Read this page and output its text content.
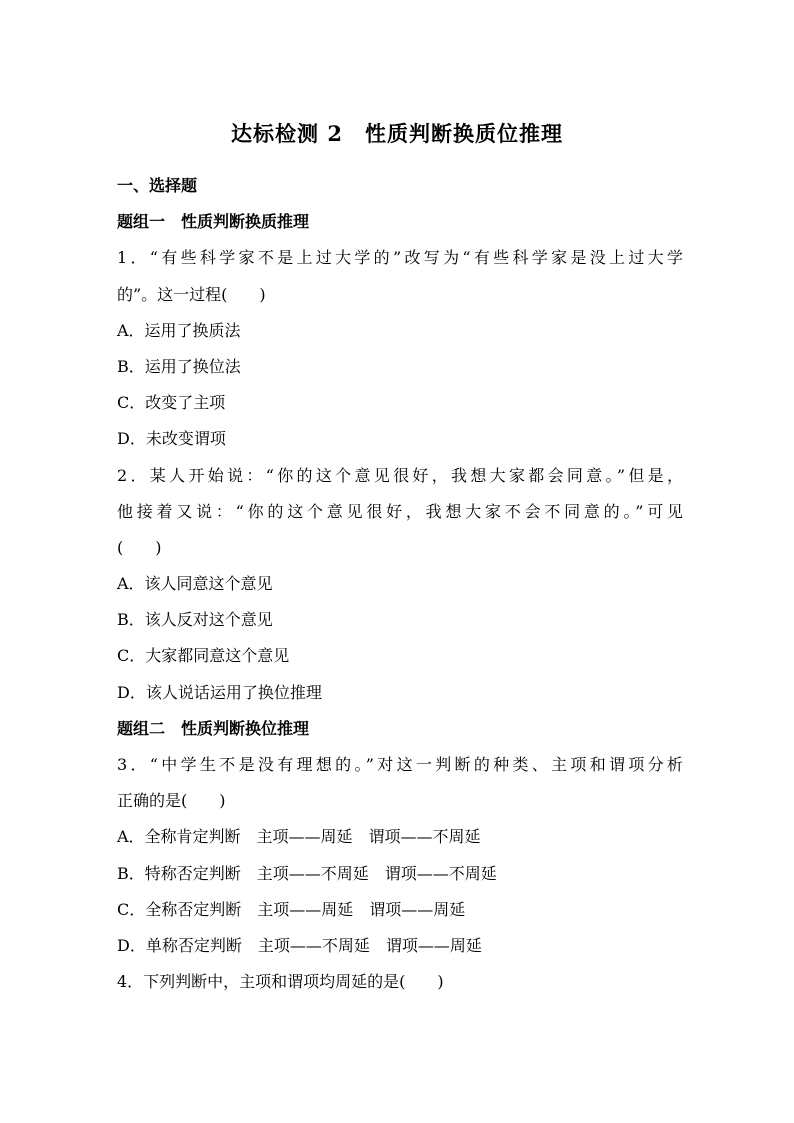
达标检测 2　性质判断换质位推理
一、选择题
题组一　性质判断换质推理
1．“有些科学家不是上过大学的”改写为“有些科学家是没上过大学
的”。这一过程(　　)
A．运用了换质法
B．运用了换位法
C．改变了主项
D．未改变谓项
2．某人开始说：“你的这个意见很好，我想大家都会同意。”但是，
他接着又说：“你的这个意见很好，我想大家不会不同意的。”可见
(　　)
A．该人同意这个意见
B．该人反对这个意见
C．大家都同意这个意见
D．该人说话运用了换位推理
题组二　性质判断换位推理
3．“中学生不是没有理想的。”对这一判断的种类、主项和谓项分析
正确的是(　　)
A．全称肯定判断　主项——周延　谓项——不周延
B．特称否定判断　主项——不周延　谓项——不周延
C．全称否定判断　主项——周延　谓项——周延
D．单称否定判断　主项——不周延　谓项——周延
4．下列判断中，主项和谓项均周延的是(　　)
